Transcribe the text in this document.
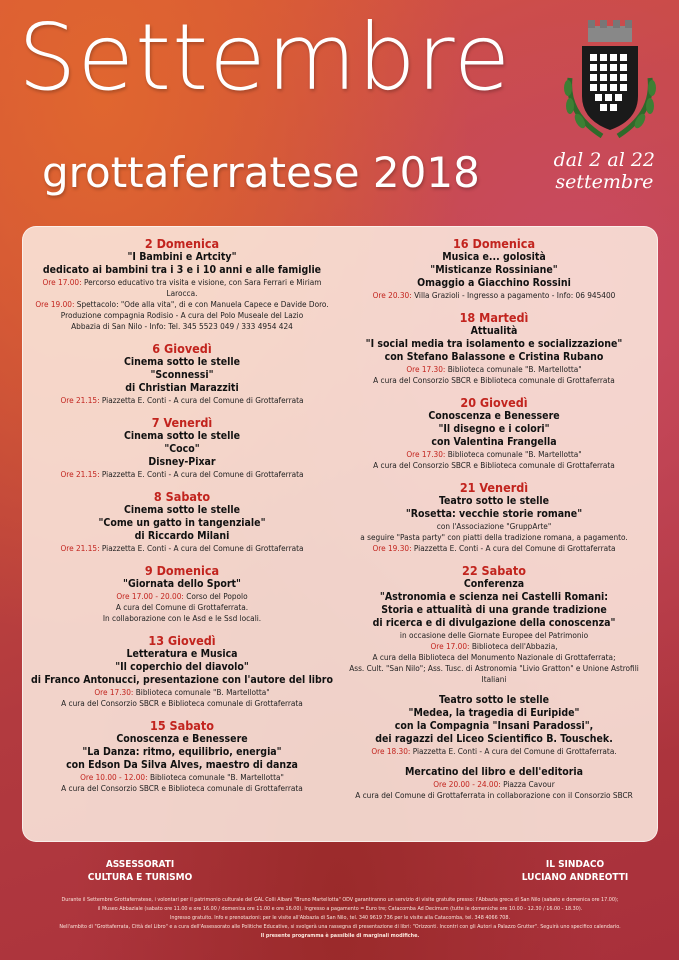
Settembre
grottaferratese 2018	dal 2 al 22
settembre
2 Domenica
"I Bambini e Artcity"
dedicato ai bambini tra i 3 e i 10 anni e alle famiglie
Ore 17.00: Percorso educativo tra visita e visione, con Sara Ferrari e Miriam Larocca.
Ore 19.00: Spettacolo: "Ode alla vita", di e con Manuela Capece e Davide Doro.
Produzione compagnia Rodisio - A cura del Polo Museale del Lazio
Abbazia di San Nilo - Info: Tel. 345 5523 049 / 333 4954 424
6 Giovedì
Cinema sotto le stelle
"Sconnessi"
di Christian Marazziti
Ore 21.15: Piazzetta E. Conti - A cura del Comune di Grottaferrata
7 Venerdì
Cinema sotto le stelle
"Coco"
Disney-Pixar
Ore 21.15: Piazzetta E. Conti - A cura del Comune di Grottaferrata
8 Sabato
Cinema sotto le stelle
"Come un gatto in tangenziale"
di Riccardo Milani
Ore 21.15: Piazzetta E. Conti - A cura del Comune di Grottaferrata
9 Domenica
"Giornata dello Sport"
Ore 17.00 - 20.00: Corso del Popolo
A cura del Comune di Grottaferrata.
In collaborazione con le Asd e le Ssd locali.
13 Giovedì
Letteratura e Musica
"Il coperchio del diavolo"
di Franco Antonucci, presentazione con l'autore del libro
Ore 17.30: Biblioteca comunale "B. Martellotta"
A cura del Consorzio SBCR e Biblioteca comunale di Grottaferrata
15 Sabato
Conoscenza e Benessere
"La Danza: ritmo, equilibrio, energia"
con Edson Da Silva Alves, maestro di danza
Ore 10.00 - 12.00: Biblioteca comunale "B. Martellotta"
A cura del Consorzio SBCR e Biblioteca comunale di Grottaferrata
16 Domenica
Musica e... golosità
"Misticanze Rossiniane"
Omaggio a Giacchino Rossini
Ore 20.30: Villa Grazioli - Ingresso a pagamento - Info: 06 945400
18 Martedì
Attualità
"I social media tra isolamento e socializzazione"
con Stefano Balassone e Cristina Rubano
Ore 17.30: Biblioteca comunale "B. Martellotta"
A cura del Consorzio SBCR e Biblioteca comunale di Grottaferrata
20 Giovedì
Conoscenza e Benessere
"Il disegno e i colori"
con Valentina Frangella
Ore 17.30: Biblioteca comunale "B. Martellotta"
A cura del Consorzio SBCR e Biblioteca comunale di Grottaferrata
21 Venerdì
Teatro sotto le stelle
"Rosetta: vecchie storie romane"
con l'Associazione "GruppArte"
a seguire "Pasta party" con piatti della tradizione romana, a pagamento.
Ore 19.30: Piazzetta E. Conti - A cura del Comune di Grottaferrata
22 Sabato
Conferenza
"Astronomia e scienza nei Castelli Romani:
Storia e attualità di una grande tradizione
di ricerca e di divulgazione della conoscenza"
in occasione delle Giornate Europee del Patrimonio
Ore 17.00: Biblioteca dell'Abbazia,
A cura della Biblioteca del Monumento Nazionale di Grottaferrata;
Ass. Cult. "San Nilo"; Ass. Tusc. di Astronomia "Livio Gratton" e Unione Astrofili Italiani
Teatro sotto le stelle
"Medea, la tragedia di Euripide"
con la Compagnia "Insani Paradossi",
dei ragazzi del Liceo Scientifico B. Touschek.
Ore 18.30: Piazzetta E. Conti - A cura del Comune di Grottaferrata.
Mercatino del libro e dell'editoria
Ore 20.00 - 24.00: Piazza Cavour
A cura del Comune di Grottaferrata in collaborazione con il Consorzio SBCR
ASSESSORATI
CULTURA E TURISMO
IL SINDACO
LUCIANO ANDREOTTI
Durante il Settembre Grottaferratese, i volontari per il patrimonio culturale del GAL Colli Albani "Bruno Martellotta" ODV garantiranno un servizio di visite gratuite presso: l'Abbazia greca di San Nilo (sabato e domenica ore 17.00);
il Museo Abbaziale (sabato ore 11.00 e ore 16.00 / domenica ore 11.00 e ore 16.00). Ingresso a pagamento = Euro tre; Catacomba Ad Decimum (tutte le domeniche ore 10.00 - 12.30 / 16.00 - 18.30).
Ingresso gratuito. Info e prenotazioni: per le visite all'Abbazia di San Nilo, tel. 340 9619 736 per le visite alla Catacomba, tel. 348 4066 708.
Nell'ambito di "Grottaferrata, Città del Libro" e a cura dell'Assessorato alle Politiche Educative, si svolgerà una rassegna di presentazione di libri: "Orizzonti. Incontri con gli Autori a Palazzo Grutter". Seguirà uno specifico calendario.
Il presente programma è passibile di marginali modifiche.
